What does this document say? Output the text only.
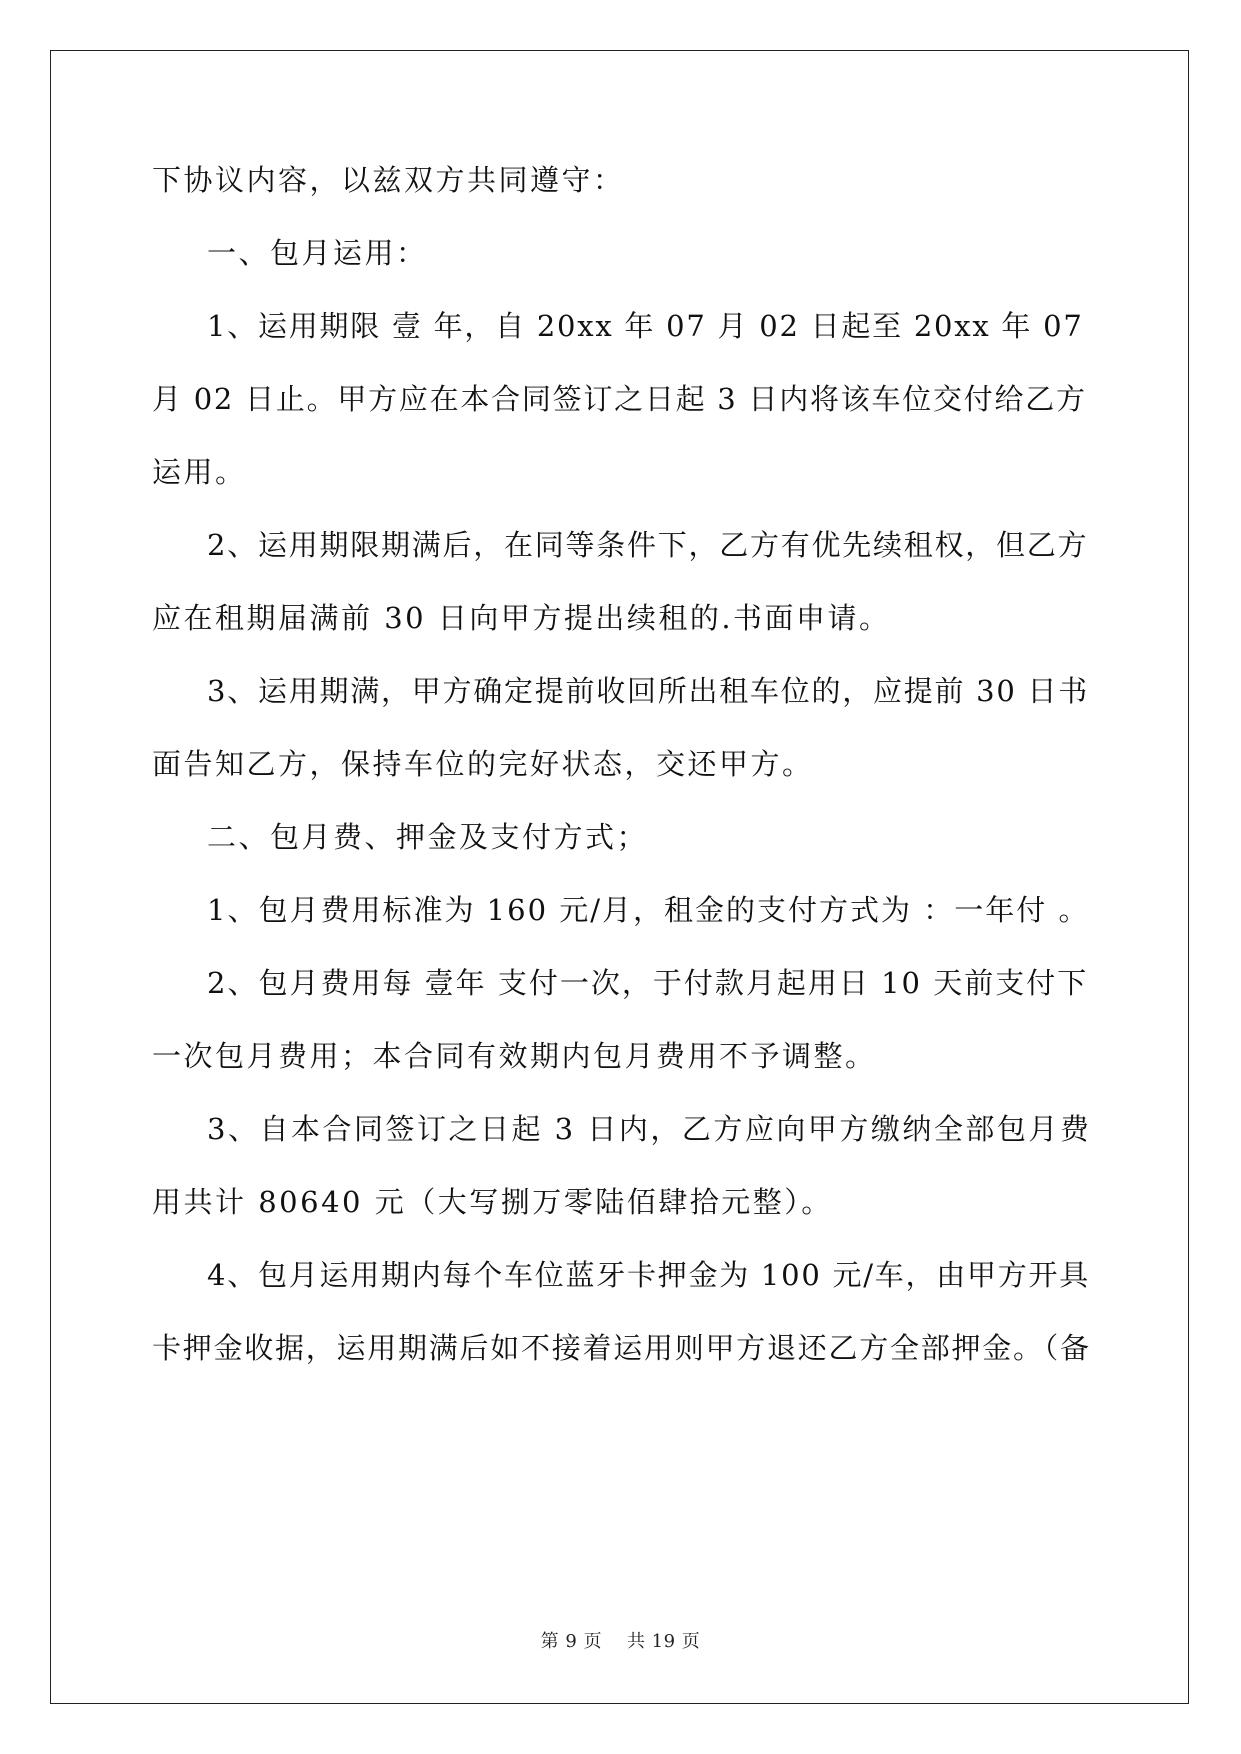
下协议内容，以兹双方共同遵守：
一、包月运用：
1、运用期限 壹 年，自 20xx 年 07 月 02 日起至 20xx 年 07
月 02 日止。甲方应在本合同签订之日起 3 日内将该车位交付给乙方
运用。
2、运用期限期满后，在同等条件下，乙方有优先续租权，但乙方
应在租期届满前 30 日向甲方提出续租的.书面申请。
3、运用期满，甲方确定提前收回所出租车位的，应提前 30 日书
面告知乙方，保持车位的完好状态，交还甲方。
二、包月费、押金及支付方式；
1、包月费用标准为 160 元/月，租金的支付方式为 ：一年付 。
2、包月费用每 壹年 支付一次，于付款月起用日 10 天前支付下
一次包月费用；本合同有效期内包月费用不予调整。
3、自本合同签订之日起 3 日内，乙方应向甲方缴纳全部包月费
用共计 80640 元（大写捌万零陆佰肆拾元整）。
4、包月运用期内每个车位蓝牙卡押金为 100 元/车，由甲方开具
卡押金收据，运用期满后如不接着运用则甲方退还乙方全部押金。（备
第 9 页    共 19 页
